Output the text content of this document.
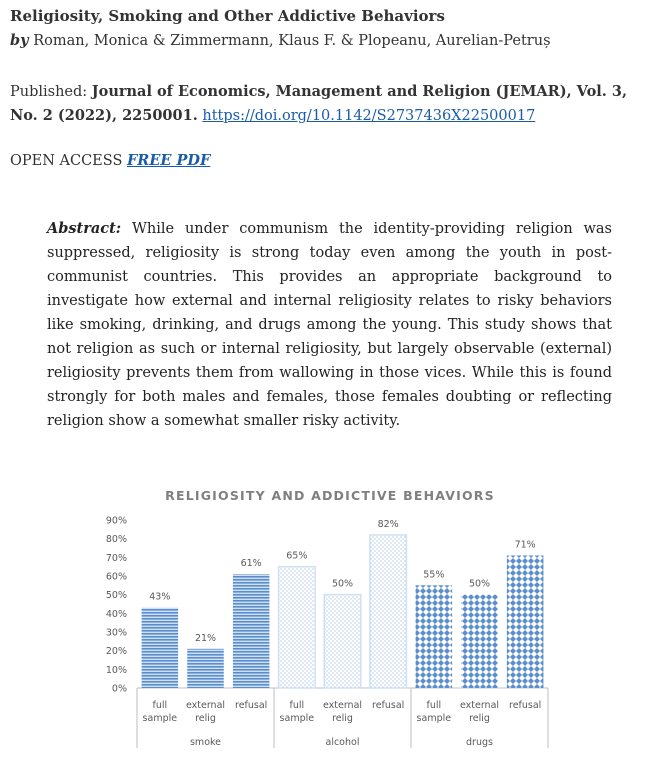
Religiosity, Smoking and Other Addictive Behaviors
by Roman, Monica & Zimmermann, Klaus F. & Plopeanu, Aurelian-Petruș
Published: Journal of Economics, Management and Religion (JEMAR), Vol. 3, No. 2 (2022), 2250001. https://doi.org/10.1142/S2737436X22500017
OPEN ACCESS FREE PDF
Abstract: While under communism the identity-providing religion was suppressed, religiosity is strong today even among the youth in post-communist countries. This provides an appropriate background to investigate how external and internal religiosity relates to risky behaviors like smoking, drinking, and drugs among the young. This study shows that not religion as such or internal religiosity, but largely observable (external) religiosity prevents them from wallowing in those vices. While this is found strongly for both males and females, those females doubting or reflecting religion show a somewhat smaller risky activity.
RELIGIOSITY AND ADDICTIVE BEHAVIORS
0%
10%
20%
30%
40%
50%
60%
70%
80%
90%
43%
full
sample
21%
external
relig
61%
refusal
smoke
65%
full
sample
50%
external
relig
82%
refusal
alcohol
55%
full
sample
50%
external
relig
71%
refusal
drugs
